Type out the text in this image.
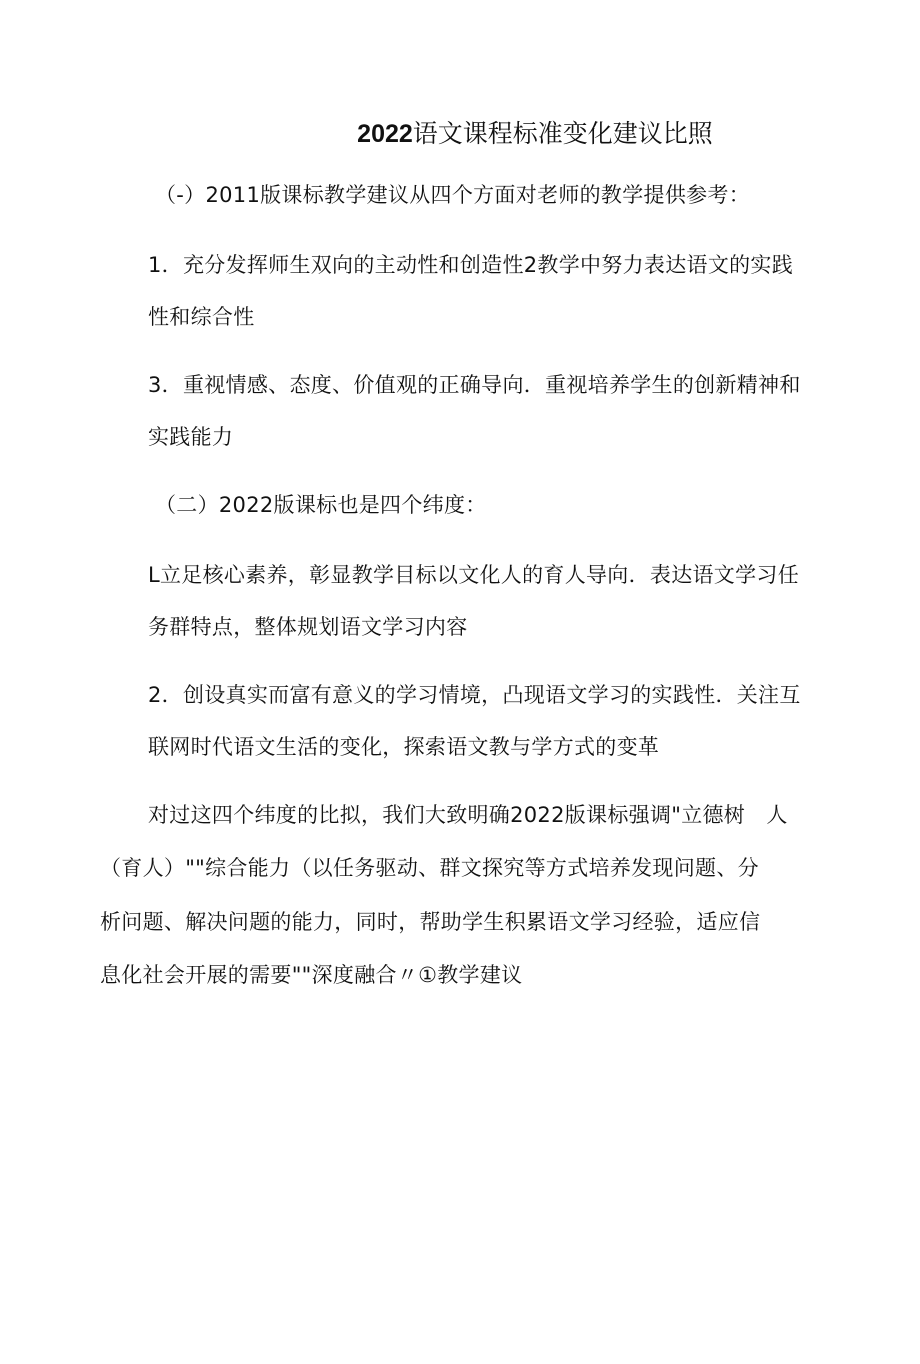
2022语文课程标准变化建议比照
（-）2011版课标教学建议从四个方面对老师的教学提供参考：
1．充分发挥师生双向的主动性和创造性2教学中努力表达语文的实践
性和综合性
3．重视情感、态度、价值观的正确导向．重视培养学生的创新精神和
实践能力
（二）2022版课标也是四个纬度：
L立足核心素养，彰显教学目标以文化人的育人导向．表达语文学习任
务群特点，整体规划语文学习内容
2．创设真实而富有意义的学习情境，凸现语文学习的实践性．关注互
联网时代语文生活的变化，探索语文教与学方式的变革
对过这四个纬度的比拟，我们大致明确2022版课标强调"立德树　人
（育人）""综合能力（以任务驱动、群文探究等方式培养发现问题、分
析问题、解决问题的能力，同时，帮助学生积累语文学习经验，适应信
息化社会开展的需要""深度融合〃①教学建议
